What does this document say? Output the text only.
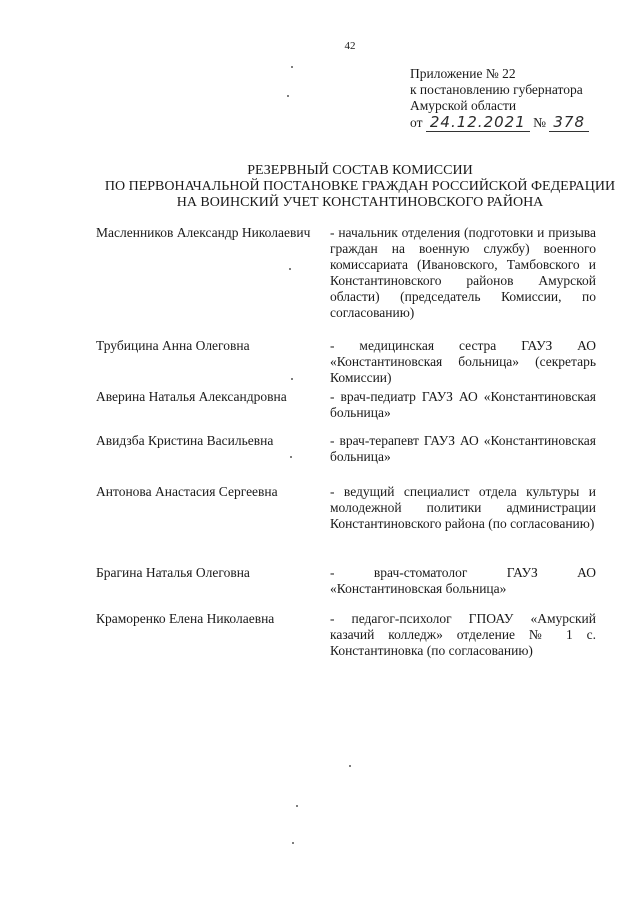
42
Приложение № 22
к постановлению губернатора
Амурской области
от 24.12.2021 № 378
РЕЗЕРВНЫЙ СОСТАВ КОМИССИИ
ПО ПЕРВОНАЧАЛЬНОЙ ПОСТАНОВКЕ ГРАЖДАН РОССИЙСКОЙ ФЕДЕРАЦИИ
НА ВОИНСКИЙ УЧЕТ КОНСТАНТИНОВСКОГО РАЙОНА
Масленников Александр Николаевич	- начальник отделения (подготовки и призыва граждан на военную службу) военного комиссариата (Ивановского, Тамбовского и Константиновского районов Амурской области) (председатель Комиссии, по согласованию)
Трубицина Анна Олеговна	- медицинская сестра ГАУЗ АО «Константиновская больница» (секретарь Комиссии)
Аверина Наталья Александровна	- врач-педиатр ГАУЗ АО «Константиновская больница»
Авидзба Кристина Васильевна	- врач-терапевт ГАУЗ АО «Константиновская больница»
Антонова Анастасия Сергеевна	- ведущий специалист отдела культуры и молодежной политики администрации Константиновского района (по согласованию)
Брагина Наталья Олеговна	- врач-стоматолог ГАУЗ АО «Константиновская больница»
Краморенко Елена Николаевна	- педагог-психолог ГПОАУ «Амурский казачий колледж» отделение № 1 с. Константиновка (по согласованию)
